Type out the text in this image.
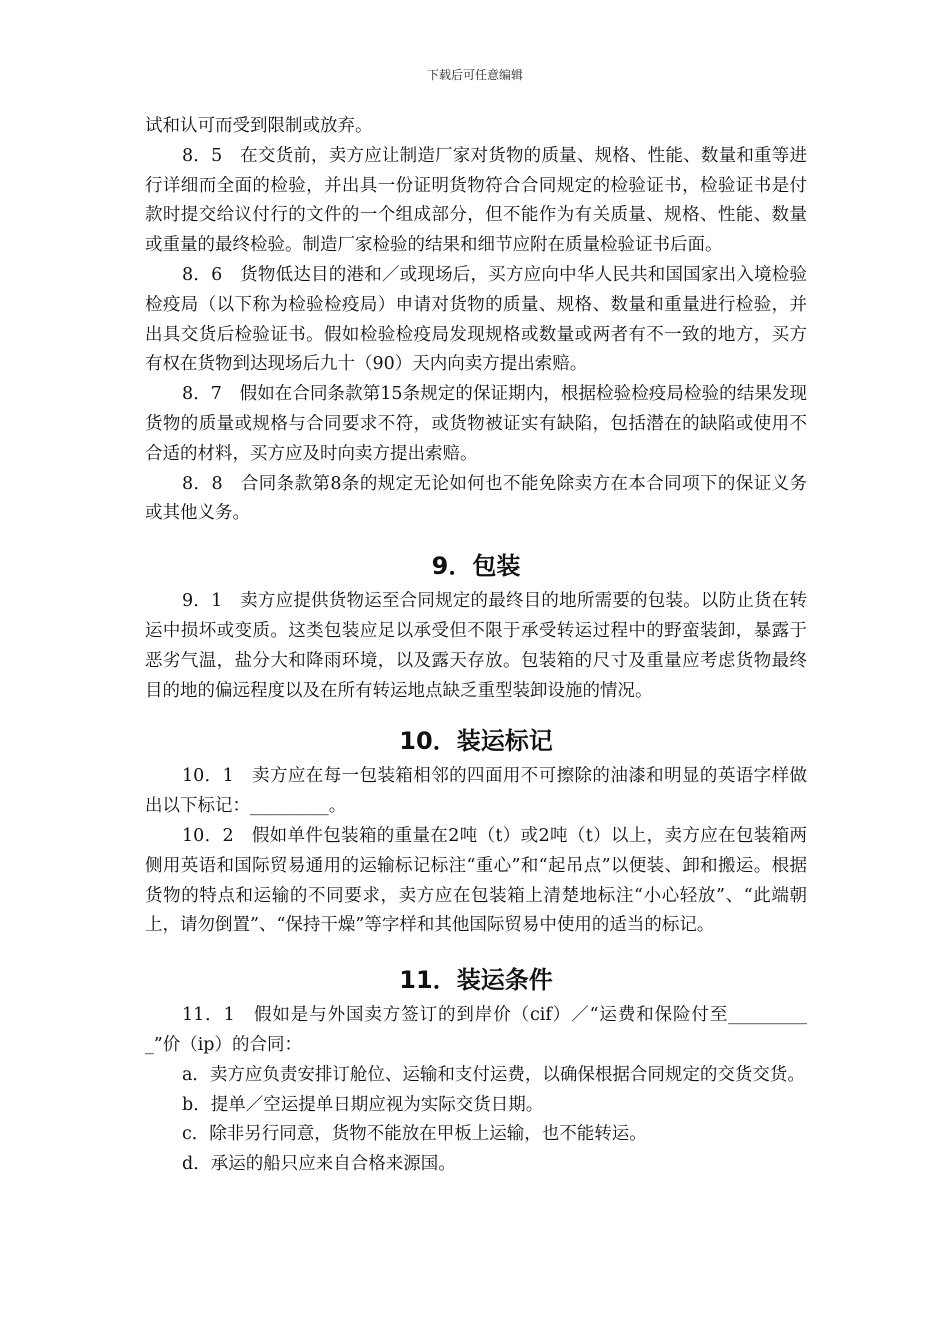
下载后可任意编辑

试和认可而受到限制或放弃。

8．5　在交货前，卖方应让制造厂家对货物的质量、规格、性能、数量和重等进行详细而全面的检验，并出具一份证明货物符合合同规定的检验证书，检验证书是付款时提交给议付行的文件的一个组成部分，但不能作为有关质量、规格、性能、数量或重量的最终检验。制造厂家检验的结果和细节应附在质量检验证书后面。

8．6　货物低达目的港和／或现场后，买方应向中华人民共和国国家出入境检验检疫局（以下称为检验检疫局）申请对货物的质量、规格、数量和重量进行检验，并出具交货后检验证书。假如检验检疫局发现规格或数量或两者有不一致的地方，买方有权在货物到达现场后九十（90）天内向卖方提出索赔。

8．7　假如在合同条款第15条规定的保证期内，根据检验检疫局检验的结果发现货物的质量或规格与合同要求不符，或货物被证实有缺陷，包括潜在的缺陷或使用不合适的材料，买方应及时向卖方提出索赔。

8．8　合同条款第8条的规定无论如何也不能免除卖方在本合同项下的保证义务或其他义务。

9．包装

9．1　卖方应提供货物运至合同规定的最终目的地所需要的包装。以防止货在转运中损坏或变质。这类包装应足以承受但不限于承受转运过程中的野蛮装卸，暴露于恶劣气温，盐分大和降雨环境，以及露天存放。包装箱的尺寸及重量应考虑货物最终目的地的偏远程度以及在所有转运地点缺乏重型装卸设施的情况。

10．装运标记

10．1　卖方应在每一包装箱相邻的四面用不可擦除的油漆和明显的英语字样做出以下标记：_________。

10．2　假如单件包装箱的重量在2吨（t）或2吨（t）以上，卖方应在包装箱两侧用英语和国际贸易通用的运输标记标注“重心”和“起吊点”以便装、卸和搬运。根据货物的特点和运输的不同要求，卖方应在包装箱上清楚地标注“小心轻放”、“此端朝上，请勿倒置”、“保持干燥”等字样和其他国际贸易中使用的适当的标记。

11．装运条件

11．1　假如是与外国卖方签订的到岸价（cif）／“运费和保险付至__________”价（ip）的合同：

a．卖方应负责安排订舱位、运输和支付运费，以确保根据合同规定的交货交货。

b．提单／空运提单日期应视为实际交货日期。

c．除非另行同意，货物不能放在甲板上运输，也不能转运。

d．承运的船只应来自合格来源国。
